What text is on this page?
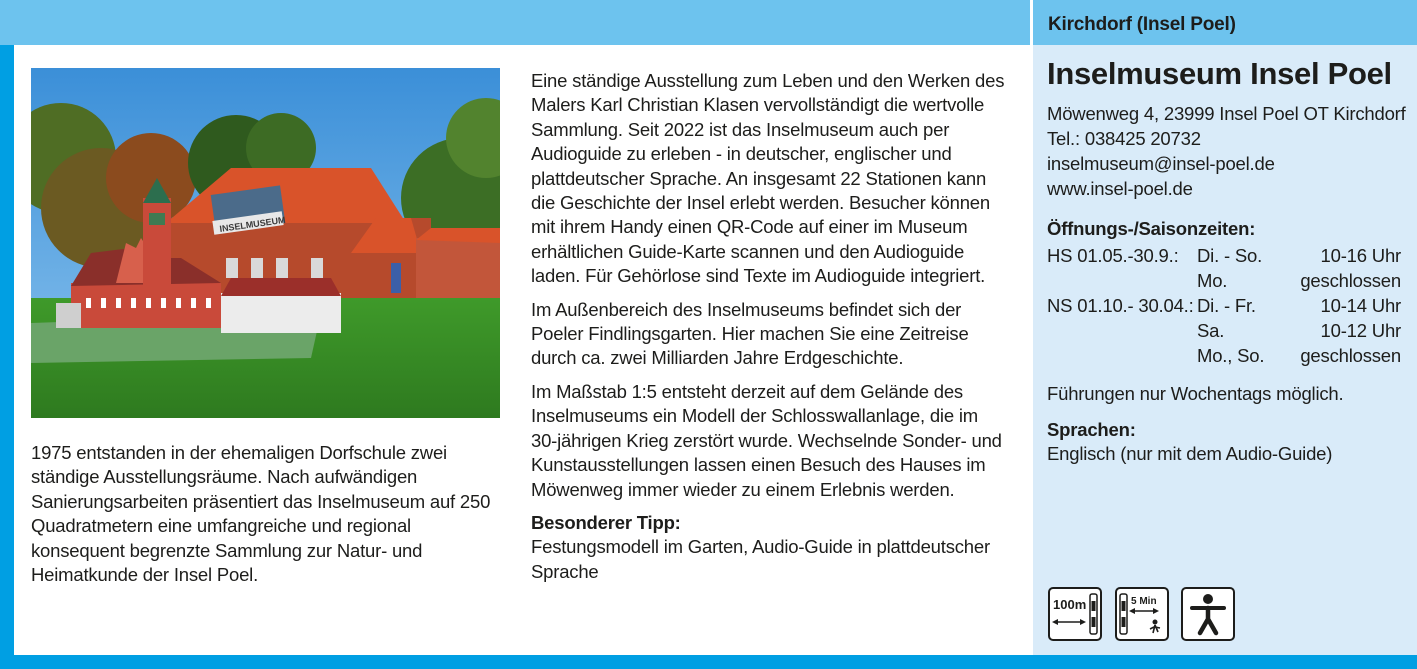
INSELMUSEUM

1975 entstanden in der ehemaligen Dorfschule zwei ständige Ausstellungsräume. Nach aufwändigen Sanierungsarbeiten präsentiert das Inselmuseum auf 250 Quadratmetern eine umfangreiche und regional konsequent begrenzte Sammlung zur Natur- und Heimatkunde der Insel Poel.

Eine ständige Ausstellung zum Leben und den Werken des Malers Karl Christian Klasen vervollständigt die wertvolle Sammlung. Seit 2022 ist das Inselmuseum auch per Audioguide zu erleben - in deutscher, englischer und plattdeutscher Sprache. An insgesamt 22 Stationen kann die Geschichte der Insel erlebt werden. Besucher können mit ihrem Handy einen QR-Code auf einer im Museum erhältlichen Guide-Karte scannen und den Audioguide laden. Für Gehörlose sind Texte im Audioguide integriert.

Im Außenbereich des Inselmuseums befindet sich der Poeler Findlingsgarten. Hier machen Sie eine Zeitreise durch ca. zwei Milliarden Jahre Erdgeschichte.

Im Maßstab 1:5 entsteht derzeit auf dem Gelände des Inselmuseums ein Modell der Schlosswallanlage, die im 30-jährigen Krieg zerstört wurde. Wechselnde Sonder- und Kunstausstellungen lassen einen Besuch des Hauses im Möwenweg immer wieder zu einem Erlebnis werden.

Besonderer Tipp:
Festungsmodell im Garten, Audio-Guide in plattdeutscher Sprache
Kirchdorf (Insel Poel)
Inselmuseum Insel Poel
Möwenweg 4, 23999 Insel Poel OT Kirchdorf
Tel.: 038425 20732
inselmuseum@insel-poel.de
www.insel-poel.de
Öffnungs-/Saisonzeiten:
HS 01.05.-30.9.: Di. - So.	10-16 Uhr
Mo.	geschlossen
NS 01.10.- 30.04.: Di. - Fr.	10-14 Uhr
Sa.	10-12 Uhr
Mo., So. geschlossen
Führungen nur Wochentags möglich.
Sprachen:
Englisch (nur mit dem Audio-Guide)
100m	5 Min
